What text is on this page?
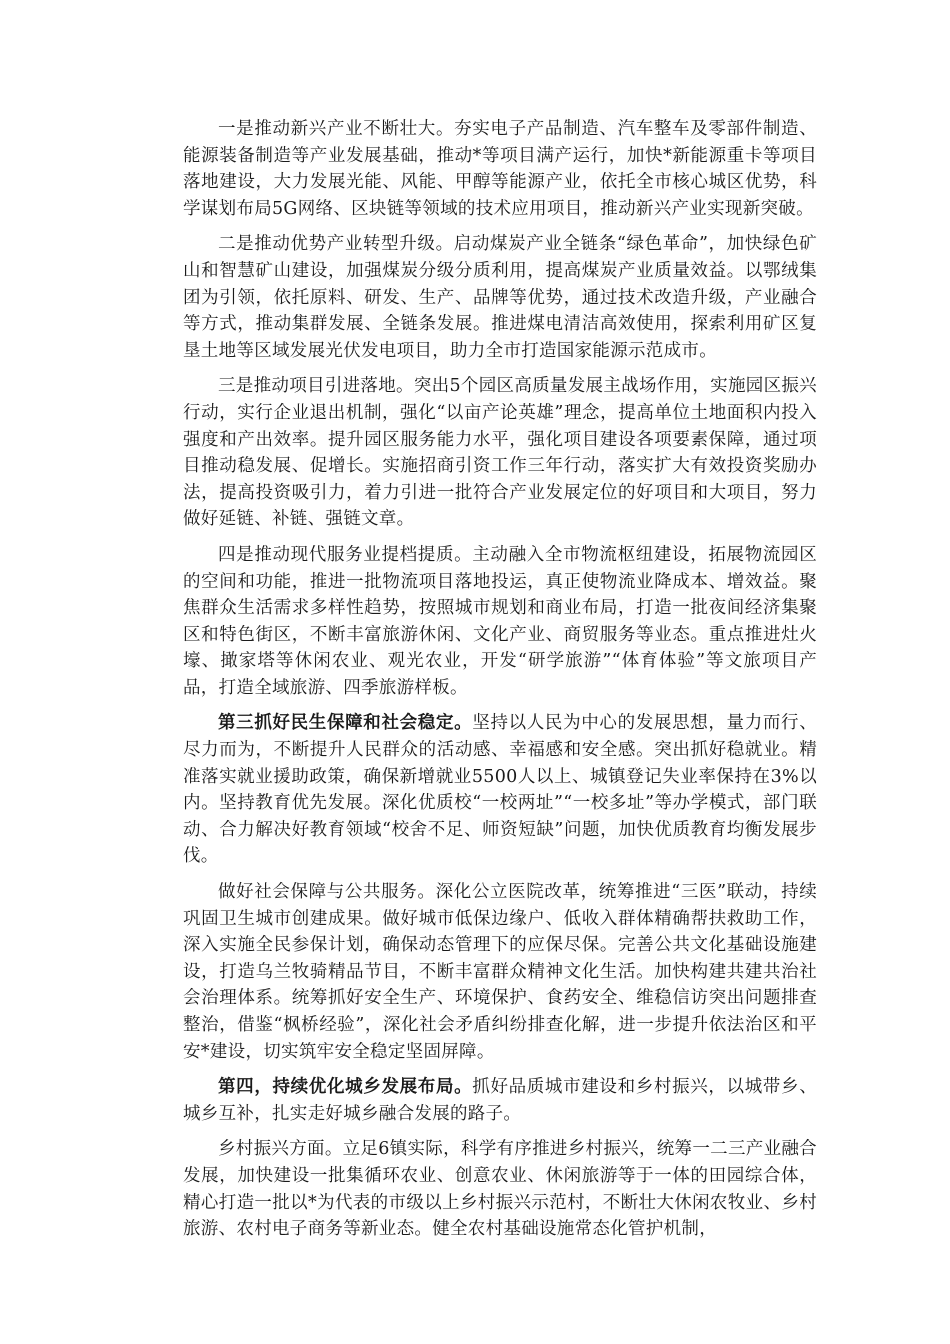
一是推动新兴产业不断壮大。夯实电子产品制造、汽车整车及零部件制造、能源装备制造等产业发展基础，推动*等项目满产运行，加快*新能源重卡等项目落地建设，大力发展光能、风能、甲醇等能源产业，依托全市核心城区优势，科学谋划布局5G网络、区块链等领域的技术应用项目，推动新兴产业实现新突破。

二是推动优势产业转型升级。启动煤炭产业全链条“绿色革命”，加快绿色矿山和智慧矿山建设，加强煤炭分级分质利用，提高煤炭产业质量效益。以鄂绒集团为引领，依托原料、研发、生产、品牌等优势，通过技术改造升级，产业融合等方式，推动集群发展、全链条发展。推进煤电清洁高效使用，探索利用矿区复垦土地等区域发展光伏发电项目，助力全市打造国家能源示范成市。

三是推动项目引进落地。突出5个园区高质量发展主战场作用，实施园区振兴行动，实行企业退出机制，强化“以亩产论英雄”理念，提高单位土地面积内投入强度和产出效率。提升园区服务能力水平，强化项目建设各项要素保障，通过项目推动稳发展、促增长。实施招商引资工作三年行动，落实扩大有效投资奖励办法，提高投资吸引力，着力引进一批符合产业发展定位的好项目和大项目，努力做好延链、补链、强链文章。

四是推动现代服务业提档提质。主动融入全市物流枢纽建设，拓展物流园区的空间和功能，推进一批物流项目落地投运，真正使物流业降成本、增效益。聚焦群众生活需求多样性趋势，按照城市规划和商业布局，打造一批夜间经济集聚区和特色街区，不断丰富旅游休闲、文化产业、商贸服务等业态。重点推进灶火壕、撖家塔等休闲农业、观光农业，开发“研学旅游”“体育体验”等文旅项目产品，打造全域旅游、四季旅游样板。

第三抓好民生保障和社会稳定。坚持以人民为中心的发展思想，量力而行、尽力而为，不断提升人民群众的活动感、幸福感和安全感。突出抓好稳就业。精准落实就业援助政策，确保新增就业5500人以上、城镇登记失业率保持在3%以内。坚持教育优先发展。深化优质校“一校两址”“一校多址”等办学模式，部门联动、合力解决好教育领域“校舍不足、师资短缺”问题，加快优质教育均衡发展步伐。

做好社会保障与公共服务。深化公立医院改革，统筹推进“三医”联动，持续巩固卫生城市创建成果。做好城市低保边缘户、低收入群体精确帮扶救助工作，深入实施全民参保计划，确保动态管理下的应保尽保。完善公共文化基础设施建设，打造乌兰牧骑精品节目，不断丰富群众精神文化生活。加快构建共建共治社会治理体系。统筹抓好安全生产、环境保护、食药安全、维稳信访突出问题排查整治，借鉴“枫桥经验”，深化社会矛盾纠纷排查化解，进一步提升依法治区和平安*建设，切实筑牢安全稳定坚固屏障。

第四，持续优化城乡发展布局。抓好品质城市建设和乡村振兴，以城带乡、城乡互补，扎实走好城乡融合发展的路子。

乡村振兴方面。立足6镇实际，科学有序推进乡村振兴，统筹一二三产业融合发展，加快建设一批集循环农业、创意农业、休闲旅游等于一体的田园综合体，精心打造一批以*为代表的市级以上乡村振兴示范村，不断壮大休闲农牧业、乡村旅游、农村电子商务等新业态。健全农村基础设施常态化管护机制，
